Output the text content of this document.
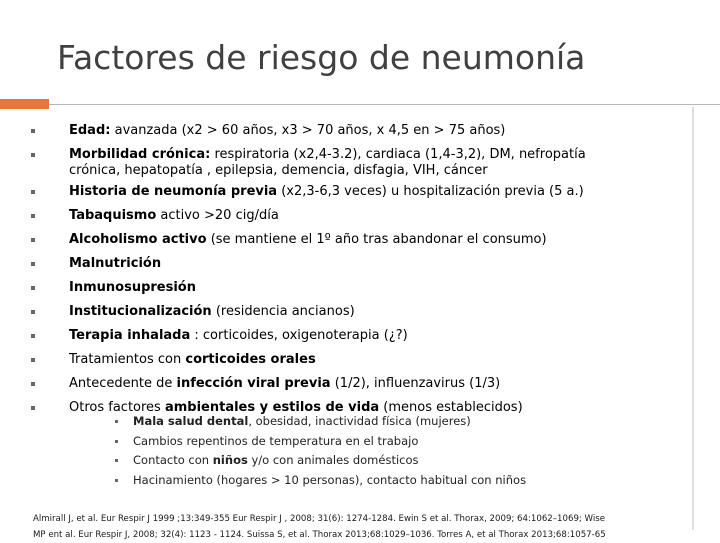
Factores de riesgo de neumonía
Edad: avanzada (x2 > 60 años, x3 > 70 años, x 4,5 en > 75 años)
Morbilidad crónica: respiratoria (x2,4-3.2), cardiaca (1,4-3,2), DM, nefropatía
crónica, hepatopatía , epilepsia, demencia, disfagia, VIH, cáncer
Historia de neumonía previa (x2,3-6,3 veces) u hospitalización previa (5 a.)
Tabaquismo activo >20 cig/día
Alcoholismo activo (se mantiene el 1º año tras abandonar el consumo)
Malnutrición
Inmunosupresión
Institucionalización (residencia ancianos)
Terapia inhalada : corticoides, oxigenoterapia (¿?)
Tratamientos con corticoides orales
Antecedente de infección viral previa (1/2), influenzavirus (1/3)
Otros factores ambientales y estilos de vida (menos establecidos)
Mala salud dental, obesidad, inactividad física (mujeres)
Cambios repentinos de temperatura en el trabajo
Contacto con niños y/o con animales domésticos
Hacinamiento (hogares > 10 personas), contacto habitual con niños
Almirall J, et al. Eur Respir J 1999 ;13:349-355 Eur Respir J , 2008; 31(6): 1274-1284. Ewin S et al. Thorax, 2009; 64:1062–1069; Wise
MP ent al. Eur Respir J, 2008; 32(4): 1123 - 1124. Suissa S, et al. Thorax 2013;68:1029–1036. Torres A, et al Thorax 2013;68:1057-65
